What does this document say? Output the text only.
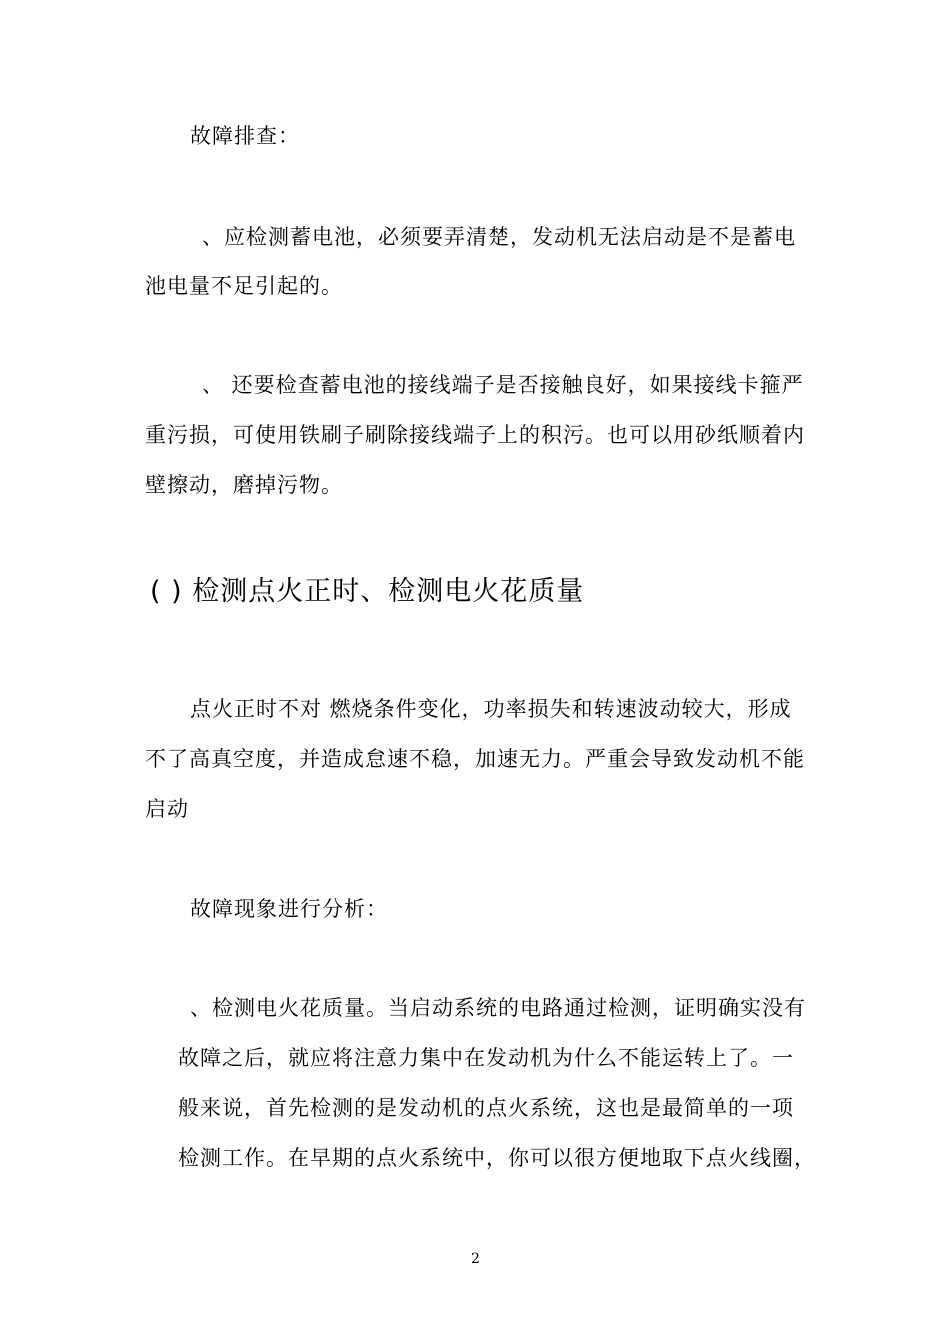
故障排查：
、应检测蓄电池，必须要弄清楚，发动机无法启动是不是蓄电
池电量不足引起的。
、 还要检查蓄电池的接线端子是否接触良好，如果接线卡箍严
重污损，可使用铁刷子刷除接线端子上的积污。也可以用砂纸顺着内
壁擦动，磨掉污物。
( ) 检测点火正时、检测电火花质量
点火正时不对 燃烧条件变化，功率损失和转速波动较大，形成
不了高真空度，并造成怠速不稳，加速无力。严重会导致发动机不能
启动
故障现象进行分析：
、检测电火花质量。当启动系统的电路通过检测，证明确实没有
故障之后，就应将注意力集中在发动机为什么不能运转上了。一
般来说，首先检测的是发动机的点火系统，这也是最简单的一项
检测工作。在早期的点火系统中，你可以很方便地取下点火线圈，
2
